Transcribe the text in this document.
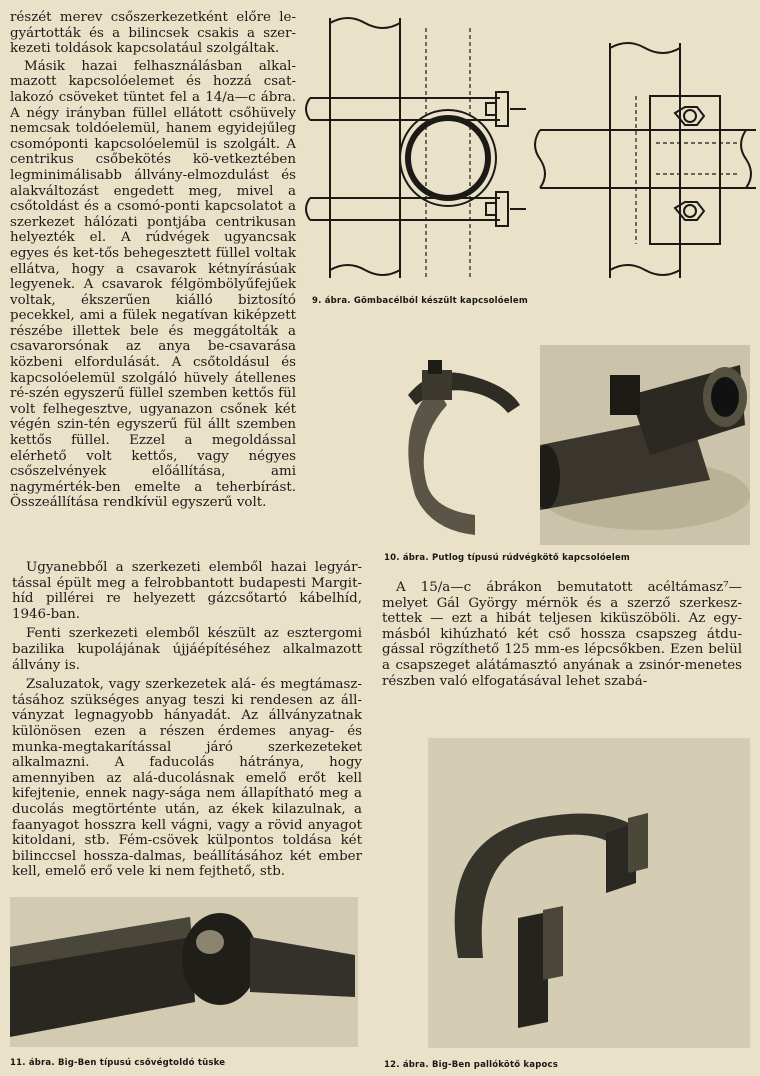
részét merev csőszerkezetként előre le-gyártották és a bilincsek csakis a szer-kezeti toldások kapcsolatául szolgáltak.

Másik hazai felhasználásban alkal-mazott kapcsolóelemet és hozzá csat-lakozó csöveket tüntet fel a 14/a—c ábra. A négy irányban füllel ellátott csőhüvely nemcsak toldóelemül, hanem egyidejűleg csomóponti kapcsolóelemül is szolgált. A centrikus csőbekötés kö-vetkeztében legminimálisabb állvány-elmozdulást és alakváltozást engedett meg, mivel a csőtoldást és a csomó-ponti kapcsolatot a szerkezet hálózati pontjába centrikusan helyezték el. A rúdvégek ugyancsak egyes és ket-tős behegesztett füllel voltak ellátva, hogy a csavarok kétnyírásúak legyenek. A csavarok félgömbölyűfejűek voltak, ékszerűen kiálló biztosító pecekkel, ami a fülek negatívan kiképzett részébe illettek bele és meggátolták a csavarorsónak az anya be-csavarása közbeni elfordulását. A csőtoldásul és kapcsolóelemül szolgáló hüvely átellenes ré-szén egyszerű füllel szemben kettős fül volt felhegesztve, ugyanazon csőnek két végén szin-tén egyszerű fül állt szemben kettős füllel. Ezzel a megoldással elérhető volt kettős, vagy négyes csőszelvények előállítása, ami nagymérték-ben emelte a teherbírást. Összeállítása rendkívül egyszerű volt.

Ugyanebből a szerkezeti elemből hazai legyár-tással épült meg a felrobbantott budapesti Margit-híd pillérei re helyezett gázcsőtartó kábelhíd, 1946-ban.

Fenti szerkezeti elemből készült az esztergomi bazilika kupolájának újjáépítéséhez alkalmazott állvány is.

Zsaluzatok, vagy szerkezetek alá- és megtámasz-tásához szükséges anyag teszi ki rendesen az áll-ványzat legnagyobb hányadát. Az állványzatnak különösen ezen a részen érdemes anyag- és munka-megtakarítással járó szerkezeteket alkalmazni. A faducolás hátránya, hogy amennyiben az alá-ducolásnak emelő erőt kell kifejtenie, ennek nagy-sága nem állapítható meg a ducolás megtörténte után, az ékek kilazulnak, a faanyagot hosszra kell vágni, vagy a rövid anyagot kitoldani, stb. Fém-csövek külpontos toldása két bilinccsel hossza-dalmas, beállításához két ember kell, emelő erő vele ki nem fejthető, stb.

A 15/a—c ábrákon bemutatott acéltámasz⁷— melyet Gál György mérnök és a szerző szerkesz-tettek — ezt a hibát teljesen kiküszöböli. Az egy-másból kihúzható két cső hossza csapszeg átdu-gással rögzíthető 125 mm-es lépcsőkben. Ezen belül a csapszeget alátámasztó anyának a zsinór-menetes részben való elfogatásával lehet szabá-

9. ábra. Gömbacélból készült kapcsolóelem
10. ábra. Putlog típusú rúdvégkötő kapcsolóelem
11. ábra. Big-Ben típusú csővégtoldó tüske	12. ábra. Big-Ben pallókötő kapocs
